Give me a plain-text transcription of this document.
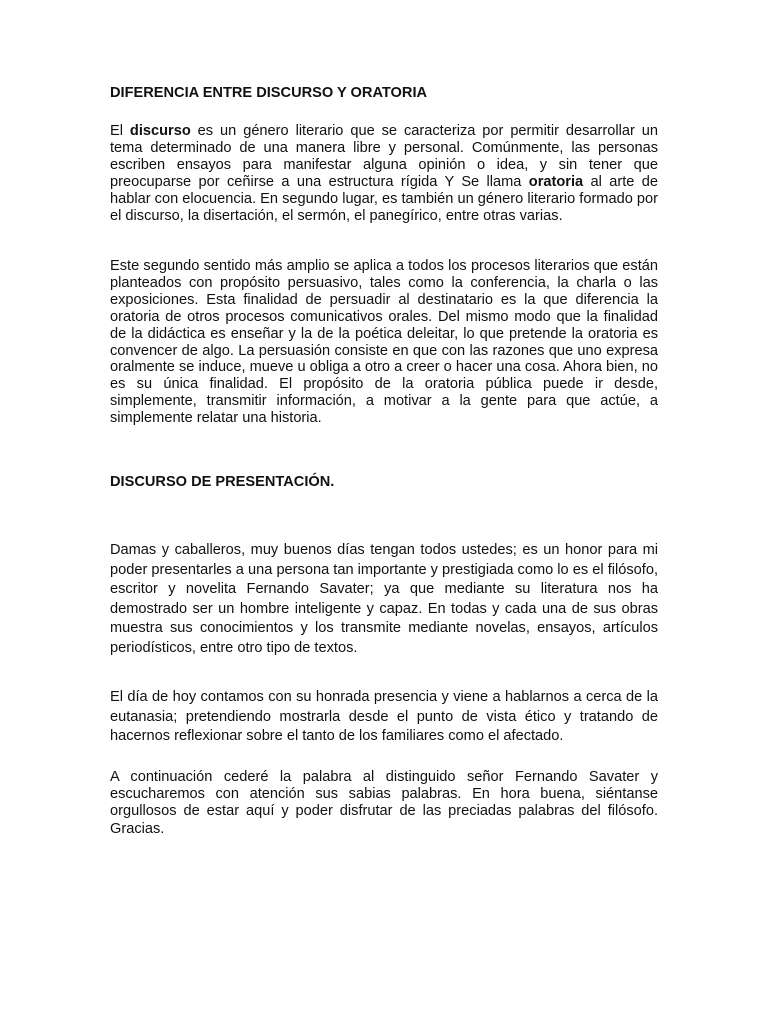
DIFERENCIA ENTRE DISCURSO Y ORATORIA

El discurso es un género literario que se caracteriza por permitir desarrollar un tema determinado de una manera libre y personal. Comúnmente, las personas escriben ensayos para manifestar alguna opinión o idea, y sin tener que preocuparse por ceñirse a una estructura rígida Y Se llama oratoria al arte de hablar con elocuencia. En segundo lugar, es también un género literario formado por el discurso, la disertación, el sermón, el panegírico, entre otras varias.

Este segundo sentido más amplio se aplica a todos los procesos literarios que están planteados con propósito persuasivo, tales como la conferencia, la charla o las exposiciones. Esta finalidad de persuadir al destinatario es la que diferencia la oratoria de otros procesos comunicativos orales. Del mismo modo que la finalidad de la didáctica es enseñar y la de la poética deleitar, lo que pretende la oratoria es convencer de algo. La persuasión consiste en que con las razones que uno expresa oralmente se induce, mueve u obliga a otro a creer o hacer una cosa. Ahora bien, no es su única finalidad. El propósito de la oratoria pública puede ir desde, simplemente, transmitir información, a motivar a la gente para que actúe, a simplemente relatar una historia.

DISCURSO DE PRESENTACIÓN.

Damas y caballeros, muy buenos días tengan todos ustedes; es un honor para mi poder presentarles a una persona tan importante y prestigiada como lo es el filósofo, escritor y novelita Fernando Savater; ya que mediante su literatura nos ha demostrado ser un hombre inteligente y capaz. En todas y cada una de sus obras muestra sus conocimientos y los transmite mediante novelas, ensayos, artículos periodísticos, entre otro tipo de textos.

El día de hoy contamos con su honrada presencia y viene a hablarnos a cerca de la eutanasia; pretendiendo mostrarla desde el punto de vista ético y tratando de hacernos reflexionar sobre el tanto de los familiares como el afectado.

A continuación cederé la palabra al distinguido señor Fernando Savater y escucharemos con atención sus sabias palabras. En hora buena, siéntanse orgullosos de estar aquí y poder disfrutar de las preciadas palabras del filósofo. Gracias.
